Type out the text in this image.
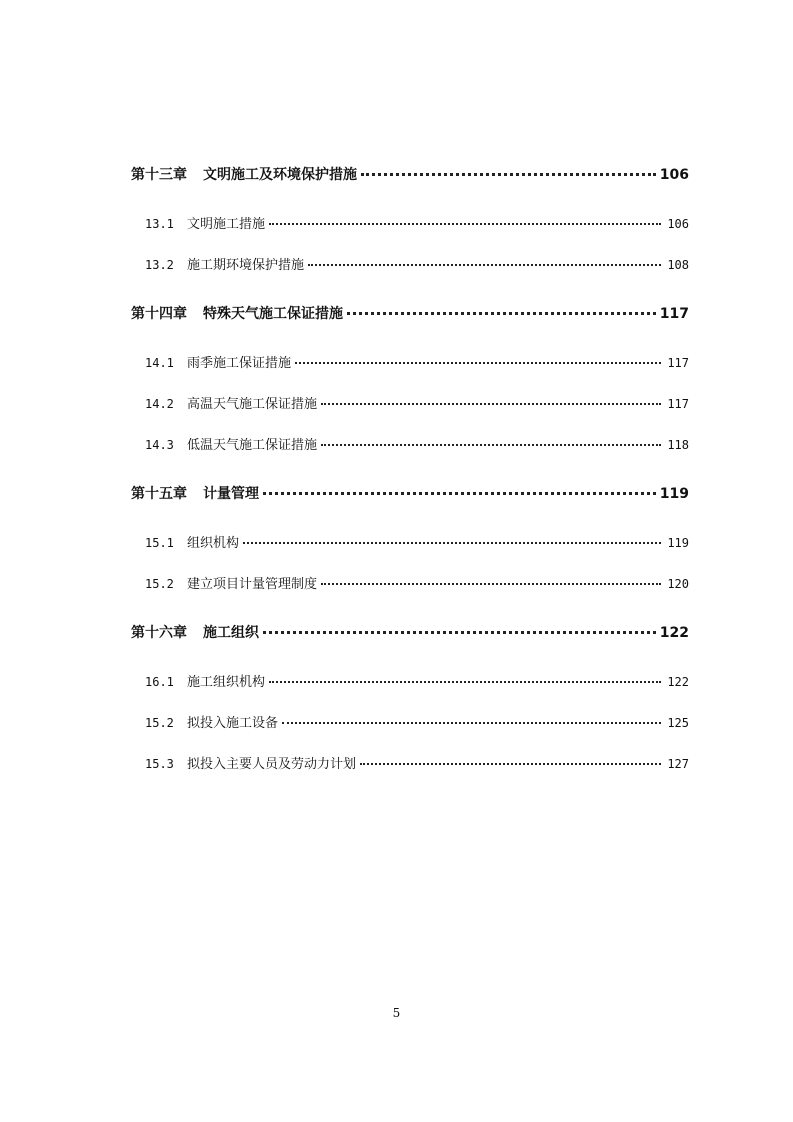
第十三章	文明施工及环境保护措施	106
13.1	文明施工措施	106
13.2	施工期环境保护措施	108
第十四章	特殊天气施工保证措施	117
14.1	雨季施工保证措施	117
14.2	高温天气施工保证措施	117
14.3	低温天气施工保证措施	118
第十五章	计量管理	119
15.1	组织机构	119
15.2	建立项目计量管理制度	120
第十六章	施工组织	122
16.1	施工组织机构	122
15.2	拟投入施工设备	125
15.3	拟投入主要人员及劳动力计划	127
5
